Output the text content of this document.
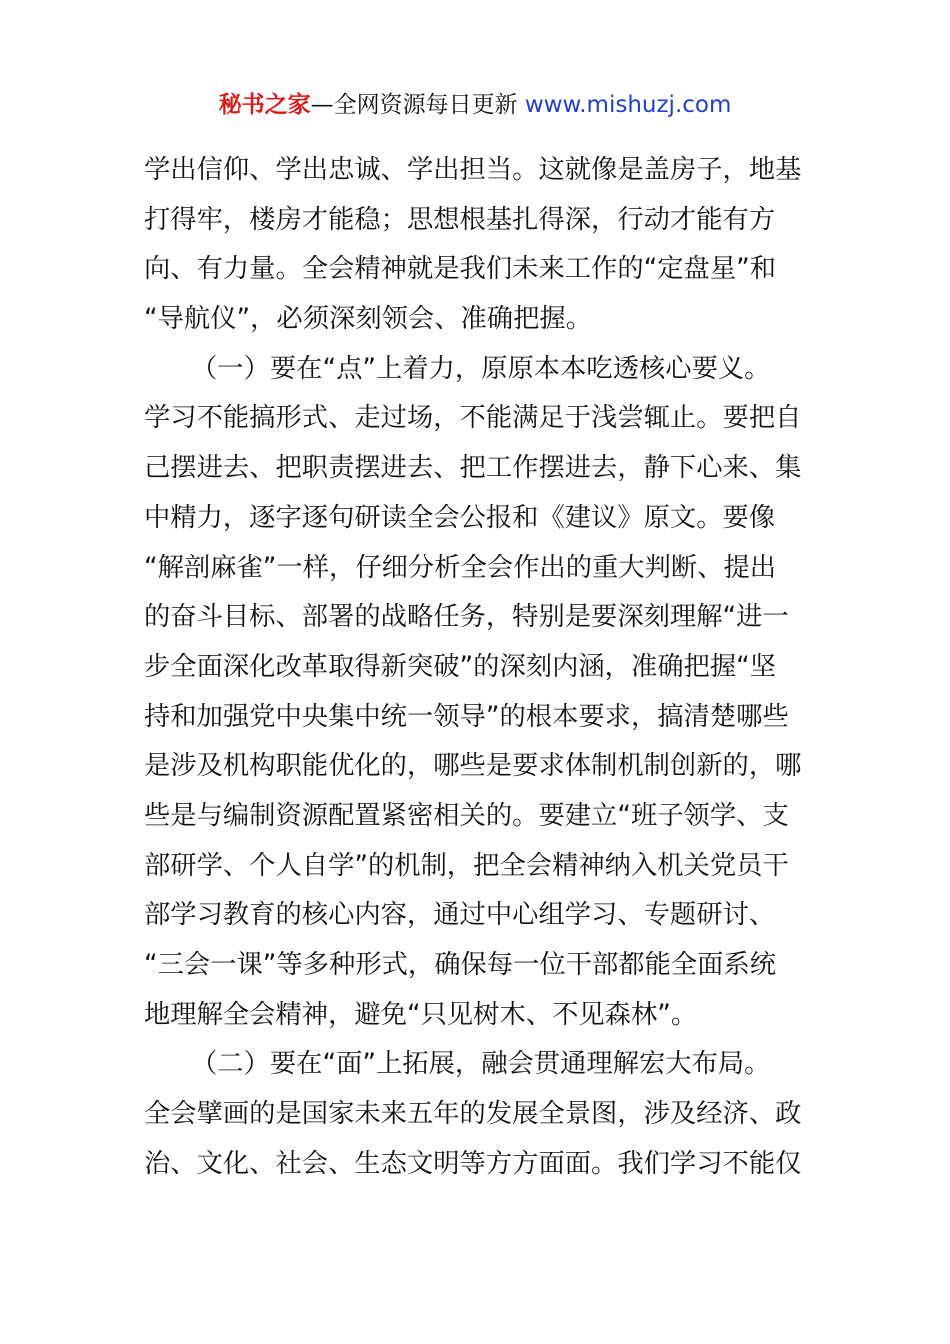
秘书之家—全网资源每日更新 www.mishuzj.com
学出信仰、学出忠诚、学出担当。这就像是盖房子，地基
打得牢，楼房才能稳；思想根基扎得深，行动才能有方
向、有力量。全会精神就是我们未来工作的“定盘星”和
“导航仪”，必须深刻领会、准确把握。
（一）要在“点”上着力，原原本本吃透核心要义。
学习不能搞形式、走过场，不能满足于浅尝辄止。要把自
己摆进去、把职责摆进去、把工作摆进去，静下心来、集
中精力，逐字逐句研读全会公报和《建议》原文。要像
“解剖麻雀”一样，仔细分析全会作出的重大判断、提出
的奋斗目标、部署的战略任务，特别是要深刻理解“进一
步全面深化改革取得新突破”的深刻内涵，准确把握“坚
持和加强党中央集中统一领导”的根本要求，搞清楚哪些
是涉及机构职能优化的，哪些是要求体制机制创新的，哪
些是与编制资源配置紧密相关的。要建立“班子领学、支
部研学、个人自学”的机制，把全会精神纳入机关党员干
部学习教育的核心内容，通过中心组学习、专题研讨、
“三会一课”等多种形式，确保每一位干部都能全面系统
地理解全会精神，避免“只见树木、不见森林”。
（二）要在“面”上拓展，融会贯通理解宏大布局。
全会擘画的是国家未来五年的发展全景图，涉及经济、政
治、文化、社会、生态文明等方方面面。我们学习不能仅
